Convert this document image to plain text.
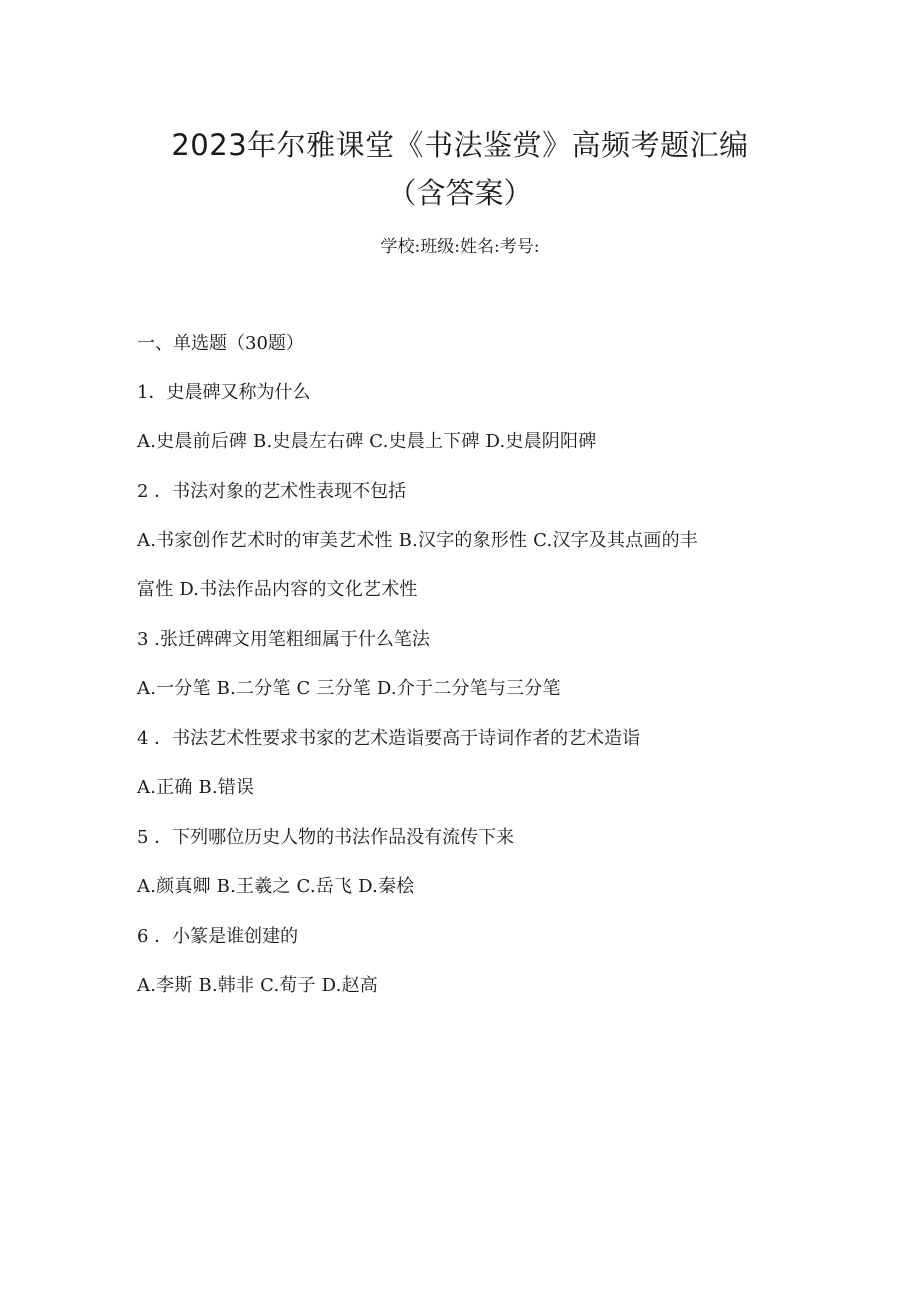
2023年尔雅课堂《书法鉴赏》高频考题汇编
（含答案）
学校:班级:姓名:考号:
一、单选题（30题）
1．史晨碑又称为什么
A.史晨前后碑 B.史晨左右碑 C.史晨上下碑 D.史晨阴阳碑
2 ．书法对象的艺术性表现不包括
A.书家创作艺术时的审美艺术性 B.汉字的象形性 C.汉字及其点画的丰
富性 D.书法作品内容的文化艺术性
3 .张迁碑碑文用笔粗细属于什么笔法
A.一分笔 B.二分笔 C 三分笔 D.介于二分笔与三分笔
4 ．书法艺术性要求书家的艺术造诣要高于诗词作者的艺术造诣
A.正确 B.错误
5 ．下列哪位历史人物的书法作品没有流传下来
A.颜真卿 B.王羲之 C.岳飞 D.秦桧
6 ．小篆是谁创建的
A.李斯 B.韩非 C.荀子 D.赵高
